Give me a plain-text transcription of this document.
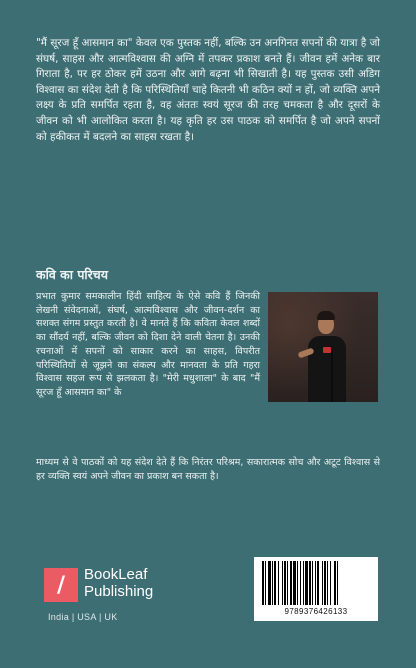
"मैं सूरज हूँ आसमान का" केवल एक पुस्तक नहीं, बल्कि उन अनगिनत सपनों की यात्रा है जो संघर्ष, साहस और आत्मविश्वास की अग्नि में तपकर प्रकाश बनते हैं। जीवन हमें अनेक बार गिराता है, पर हर ठोकर हमें उठना और आगे बढ़ना भी सिखाती है। यह पुस्तक उसी अडिग विश्वास का संदेश देती है कि परिस्थितियाँ चाहे कितनी भी कठिन क्यों न हों, जो व्यक्ति अपने लक्ष्य के प्रति समर्पित रहता है, वह अंततः स्वयं सूरज की तरह चमकता है और दूसरों के जीवन को भी आलोकित करता है। यह कृति हर उस पाठक को समर्पित है जो अपने सपनों को हकीकत में बदलने का साहस रखता है।

कवि का परिचय

प्रभात कुमार समकालीन हिंदी साहित्य के ऐसे कवि हैं जिनकी लेखनी संवेदनाओं, संघर्ष, आत्मविश्वास और जीवन-दर्शन का सशक्त संगम प्रस्तुत करती है। वे मानते हैं कि कविता केवल शब्दों का सौंदर्य नहीं, बल्कि जीवन को दिशा देने वाली चेतना है। उनकी रचनाओं में सपनों को साकार करने का साहस, विपरीत परिस्थितियों से जूझने का संकल्प और मानवता के प्रति गहरा विश्वास सहज रूप से झलकता है। "मेरी मधुशाला" के बाद "मैं सूरज हूँ आसमान का" के

माध्यम से वे पाठकों को यह संदेश देते हैं कि निरंतर परिश्रम, सकारात्मक सोच और अटूट विश्वास से हर व्यक्ति स्वयं अपने जीवन का प्रकाश बन सकता है।

/	BookLeaf
Publishing
India | USA | UK
9789376426133
